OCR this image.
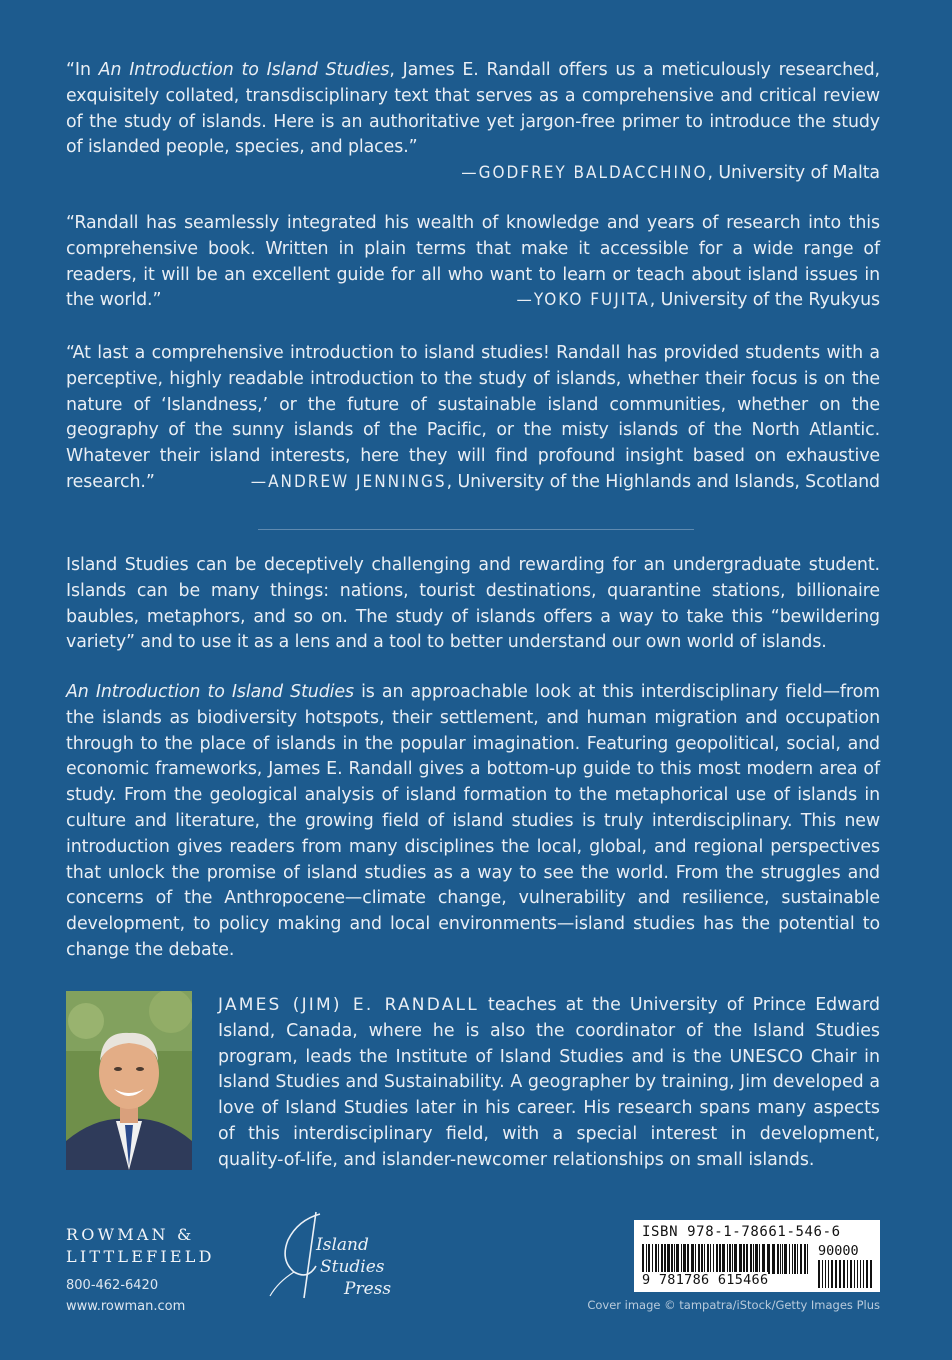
“In An Introduction to Island Studies, James E. Randall offers us a meticulously researched, exquisitely collated, transdisciplinary text that serves as a comprehensive and critical review of the study of islands. Here is an authoritative yet jargon-free primer to introduce the study of islanded people, species, and places.”

—GODFREY BALDACCHINO, University of Malta

“Randall has seamlessly integrated his wealth of knowledge and years of research into this comprehensive book. Written in plain terms that make it accessible for a wide range of readers, it will be an excellent guide for all who want to learn or teach about island issues in the world.”	—YOKO FUJITA, University of the Ryukyus

“At last a comprehensive introduction to island studies! Randall has provided students with a perceptive, highly readable introduction to the study of islands, whether their focus is on the nature of ‘Islandness,’ or the future of sustainable island communities, whether on the geography of the sunny islands of the Pacific, or the misty islands of the North Atlantic. Whatever their island interests, here they will find profound insight based on exhaustive research.”	—ANDREW JENNINGS, University of the Highlands and Islands, Scotland

Island Studies can be deceptively challenging and rewarding for an undergraduate student. Islands can be many things: nations, tourist destinations, quarantine stations, billionaire baubles, metaphors, and so on. The study of islands offers a way to take this “bewildering variety” and to use it as a lens and a tool to better understand our own world of islands.

An Introduction to Island Studies is an approachable look at this interdisciplinary field—from the islands as biodiversity hotspots, their settlement, and human migration and occupation through to the place of islands in the popular imagination. Featuring geopolitical, social, and economic frameworks, James E. Randall gives a bottom-up guide to this most modern area of study. From the geological analysis of island formation to the metaphorical use of islands in culture and literature, the growing field of island studies is truly interdisciplinary. This new introduction gives readers from many disciplines the local, global, and regional perspectives that unlock the promise of island studies as a way to see the world. From the struggles and concerns of the Anthropocene—climate change, vulnerability and resilience, sustainable development, to policy making and local environments—island studies has the potential to change the debate.

JAMES (JIM) E. RANDALL teaches at the University of Prince Edward Island, Canada, where he is also the coordinator of the Island Studies program, leads the Institute of Island Studies and is the UNESCO Chair in Island Studies and Sustainability. A geographer by training, Jim developed a love of Island Studies later in his career. His research spans many aspects of this interdisciplinary field, with a special interest in development, quality-of-life, and islander-newcomer relationships on small islands.

ROWMAN &
LITTLEFIELD
800-462-6420
www.rowman.com
Island
Studies
Press
ISBN 978-1-78661-546-6
90000
9 781786 615466
Cover image © tampatra/iStock/Getty Images Plus
